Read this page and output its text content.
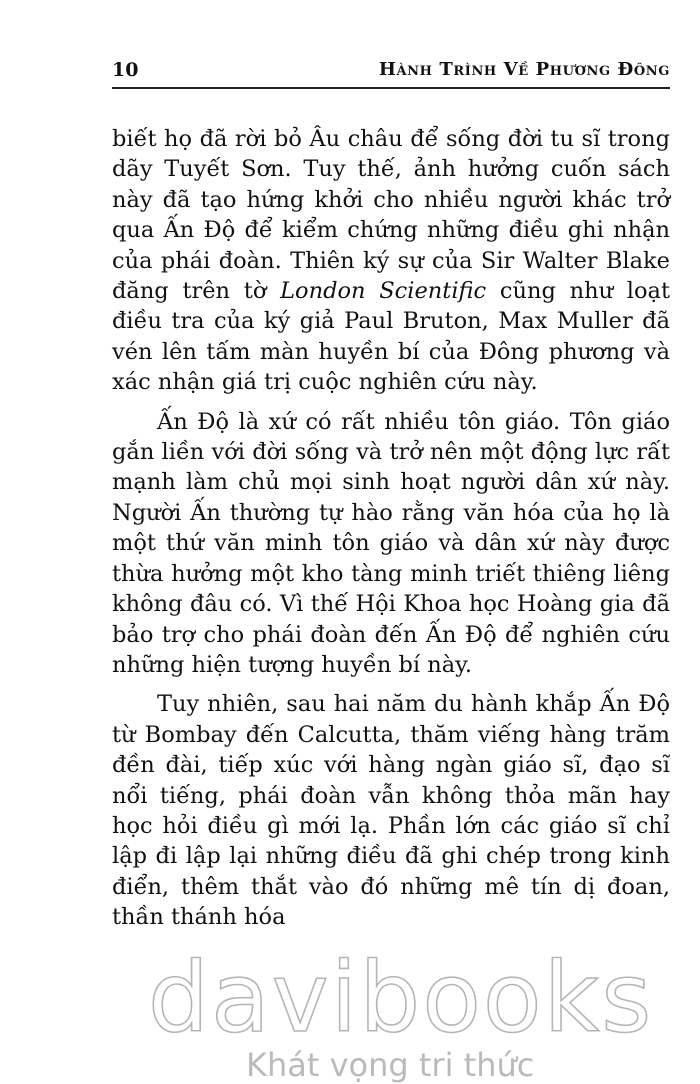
10	Hành Trình Về Phương Đông

biết họ đã rời bỏ Âu châu để sống đời tu sĩ trong dãy Tuyết Sơn. Tuy thế, ảnh hưởng cuốn sách này đã tạo hứng khởi cho nhiều người khác trở qua Ấn Độ để kiểm chứng những điều ghi nhận của phái đoàn. Thiên ký sự của Sir Walter Blake đăng trên tờ London Scientific cũng như loạt điều tra của ký giả Paul Bruton, Max Muller đã vén lên tấm màn huyền bí của Đông phương và xác nhận giá trị cuộc nghiên cứu này.

Ấn Độ là xứ có rất nhiều tôn giáo. Tôn giáo gắn liền với đời sống và trở nên một động lực rất mạnh làm chủ mọi sinh hoạt người dân xứ này. Người Ấn thường tự hào rằng văn hóa của họ là một thứ văn minh tôn giáo và dân xứ này được thừa hưởng một kho tàng minh triết thiêng liêng không đâu có. Vì thế Hội Khoa học Hoàng gia đã bảo trợ cho phái đoàn đến Ấn Độ để nghiên cứu những hiện tượng huyền bí này.

Tuy nhiên, sau hai năm du hành khắp Ấn Độ từ Bombay đến Calcutta, thăm viếng hàng trăm đền đài, tiếp xúc với hàng ngàn giáo sĩ, đạo sĩ nổi tiếng, phái đoàn vẫn không thỏa mãn hay học hỏi điều gì mới lạ. Phần lớn các giáo sĩ chỉ lập đi lập lại những điều đã ghi chép trong kinh điển, thêm thắt vào đó những mê tín dị đoan, thần thánh hóa

davibooks
Khát vọng tri thức
